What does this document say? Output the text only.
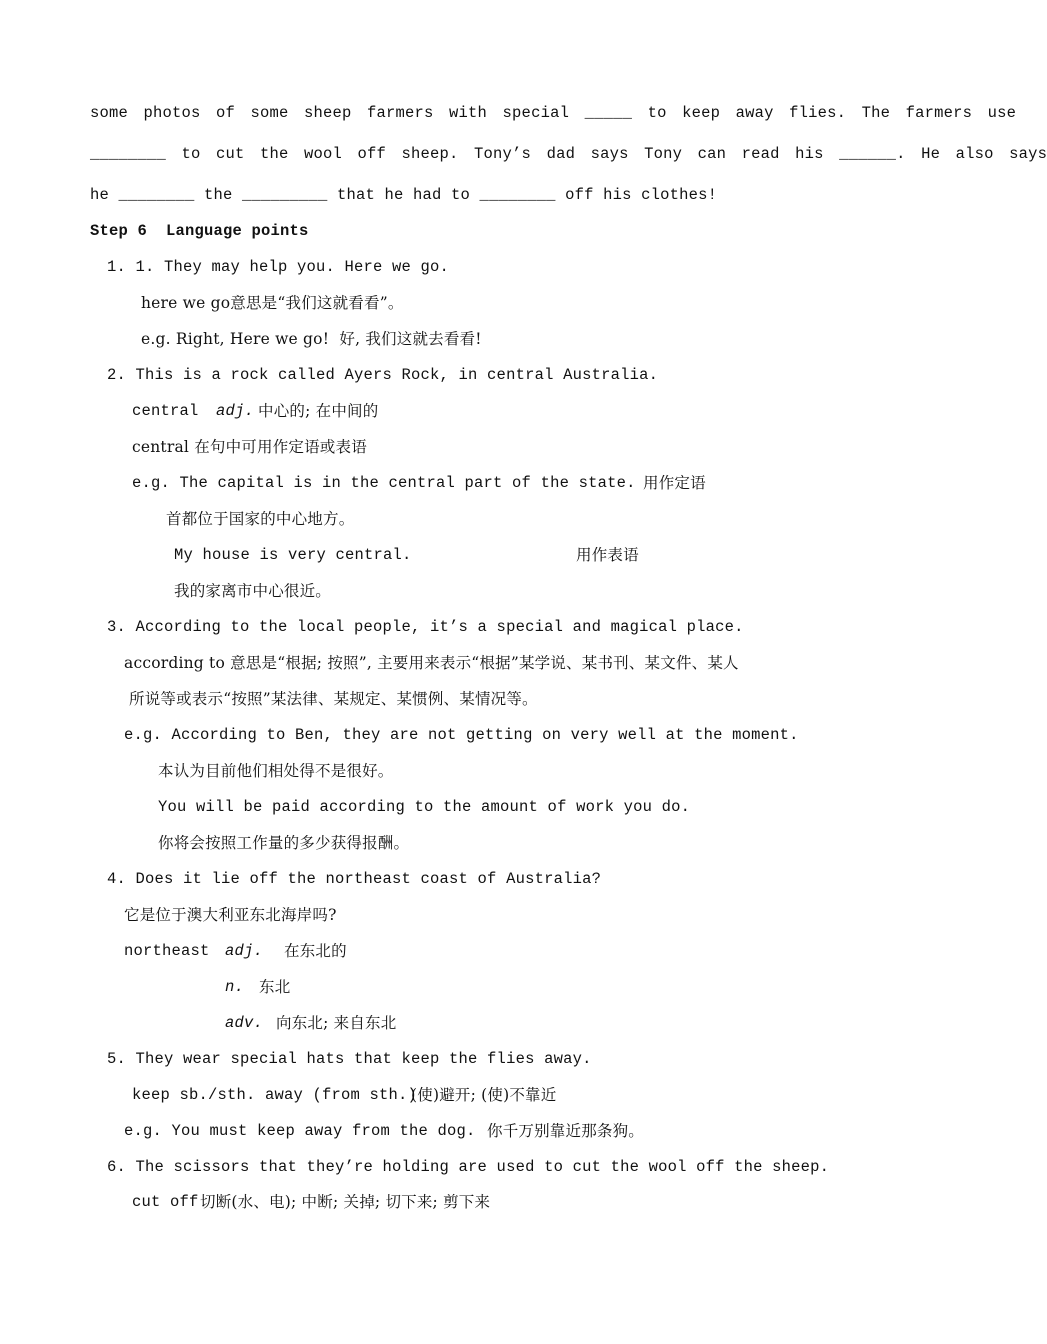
some photos of some sheep farmers with special _____ to keep away flies. The farmers use
________ to cut the wool off sheep. Tony’s dad says Tony can read his ______. He also says
he ________ the _________ that he had to ________ off his clothes!
Step 6  Language points
1. 1. They may help you. Here we go.
here we go意思是“我们这就看看”。
e.g. Right, Here we go!  好, 我们这就去看看!
2. This is a rock called Ayers Rock, in central Australia.
central adj. 中心的; 在中间的
central 在句中可用作定语或表语
e.g. The capital is in the central part of the state. 用作定语
首都位于国家的中心地方。
My house is very central.	用作表语
我的家离市中心很近。
3. According to the local people, it’s a special and magical place.
according to 意思是“根据; 按照”, 主要用来表示“根据”某学说、某书刊、某文件、某人
所说等或表示“按照”某法律、某规定、某惯例、某情况等。
e.g. According to Ben, they are not getting on very well at the moment.
本认为目前他们相处得不是很好。
You will be paid according to the amount of work you do.
你将会按照工作量的多少获得报酬。
4. Does it lie off the northeast coast of Australia?
它是位于澳大利亚东北海岸吗?
northeast adj. 在东北的
n. 东北
adv. 向东北; 来自东北
5. They wear special hats that keep the flies away.
keep sb./sth. away (from sth.)
(使)避开; (使)不靠近
e.g. You must keep away from the dog. 你千万别靠近那条狗。
6. The scissors that they’re holding are used to cut the wool off the sheep.
cut off 切断(水、电); 中断; 关掉; 切下来; 剪下来
